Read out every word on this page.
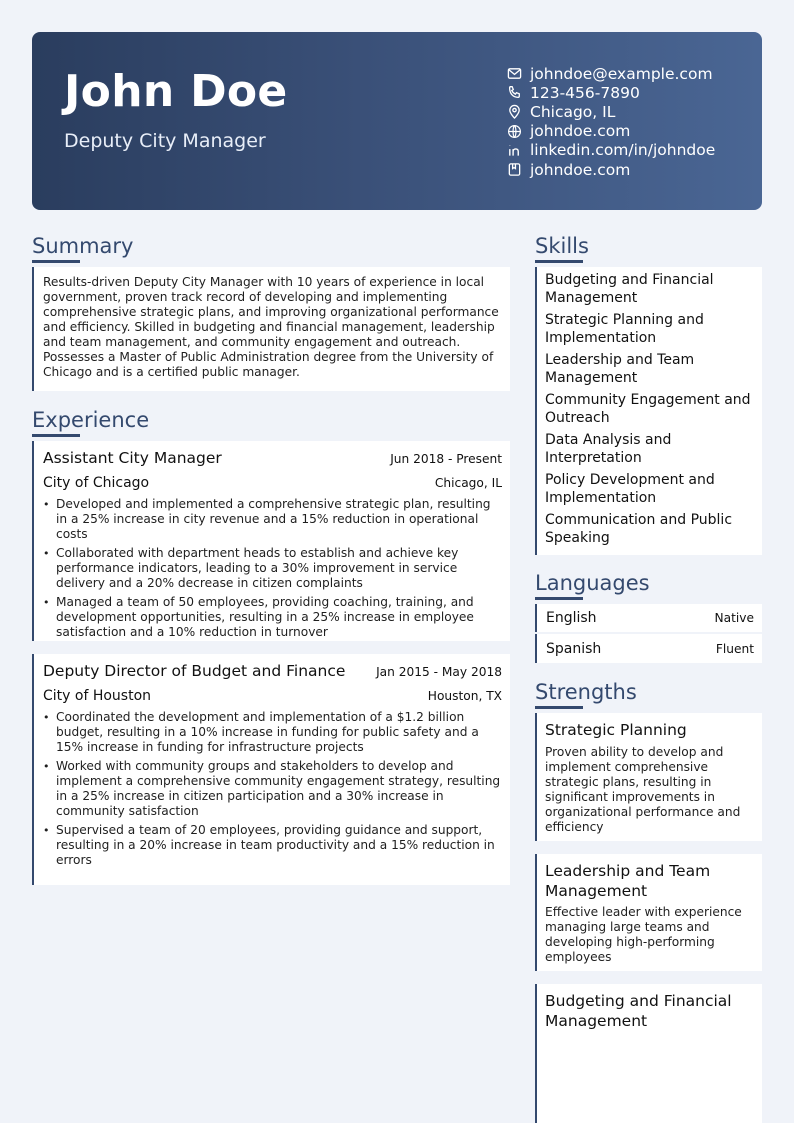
John Doe
Deputy City Manager
johndoe@example.com
123-456-7890
Chicago, IL
johndoe.com
linkedin.com/in/johndoe
johndoe.com
Summary
Results-driven Deputy City Manager with 10 years of experience in local government, proven track record of developing and implementing comprehensive strategic plans, and improving organizational performance and efficiency. Skilled in budgeting and financial management, leadership and team management, and community engagement and outreach. Possesses a Master of Public Administration degree from the University of Chicago and is a certified public manager.
Experience
Assistant City Manager	Jun 2018 - Present
City of Chicago	Chicago, IL
• Developed and implemented a comprehensive strategic plan, resulting in a 25% increase in city revenue and a 15% reduction in operational costs
• Collaborated with department heads to establish and achieve key performance indicators, leading to a 30% improvement in service delivery and a 20% decrease in citizen complaints
• Managed a team of 50 employees, providing coaching, training, and development opportunities, resulting in a 25% increase in employee satisfaction and a 10% reduction in turnover
Deputy Director of Budget and Finance	Jan 2015 - May 2018
City of Houston	Houston, TX
• Coordinated the development and implementation of a $1.2 billion budget, resulting in a 10% increase in funding for public safety and a 15% increase in funding for infrastructure projects
• Worked with community groups and stakeholders to develop and implement a comprehensive community engagement strategy, resulting in a 25% increase in citizen participation and a 30% increase in community satisfaction
• Supervised a team of 20 employees, providing guidance and support, resulting in a 20% increase in team productivity and a 15% reduction in errors
Skills
Budgeting and Financial Management
Strategic Planning and Implementation
Leadership and Team Management
Community Engagement and Outreach
Data Analysis and Interpretation
Policy Development and Implementation
Communication and Public Speaking
Languages
English	Native
Spanish	Fluent
Strengths
Strategic Planning
Proven ability to develop and implement comprehensive strategic plans, resulting in significant improvements in organizational performance and efficiency
Leadership and Team Management
Effective leader with experience managing large teams and developing high-performing employees
Budgeting and Financial Management
